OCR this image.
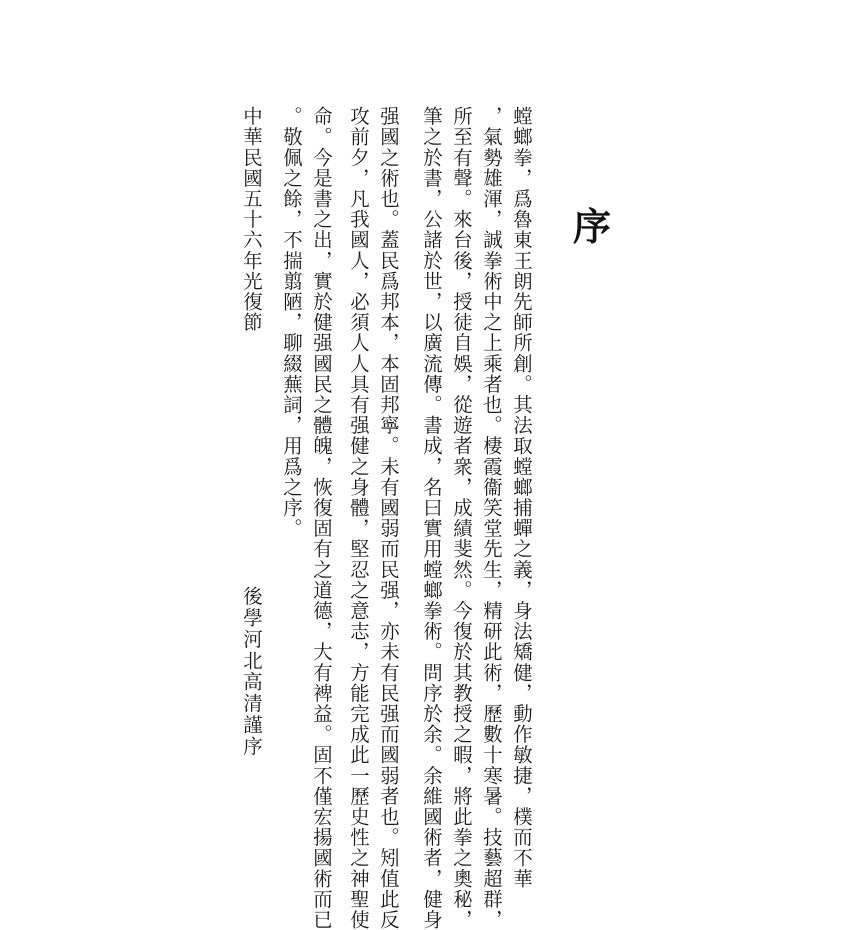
序
螳螂拳，爲魯東王朗先師所創。其法取螳螂捕蟬之義，身法矯健，動作敏捷，樸而不華
，氣勢雄渾，誠拳術中之上乘者也。棲霞衞笑堂先生，精研此術，歷數十寒暑。技藝超群，
所至有聲。來台後，授徒自娛，從遊者衆，成績斐然。今復於其教授之暇，將此拳之奧秘，
筆之於書，公諸於世，以廣流傳。書成，名曰實用螳螂拳術。問序於余。余維國術者，健身
强國之術也。蓋民爲邦本，本固邦寧。未有國弱而民强，亦未有民强而國弱者也。矧值此反
攻前夕，凡我國人，必須人人具有强健之身體，堅忍之意志，方能完成此一歷史性之神聖使
命。今是書之出，實於健强國民之體魄，恢復固有之道德，大有裨益。固不僅宏揚國術而已
。敬佩之餘，不揣翦陋，聊綴蕪詞，用爲之序。
後學河北高清謹序
中華民國五十六年光復節
